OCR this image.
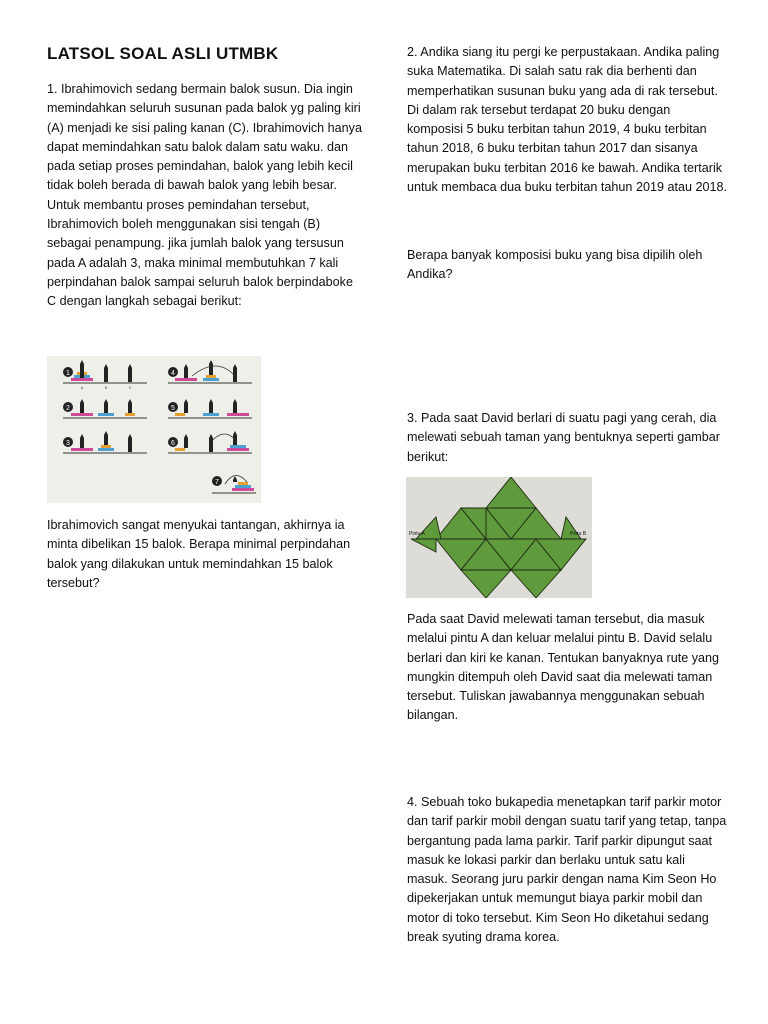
LATSOL SOAL ASLI UTMBK

1. Ibrahimovich sedang bermain balok susun. Dia ingin memindahkan seluruh susunan pada balok yg paling kiri (A) menjadi ke sisi paling kanan (C). Ibrahimovich hanya dapat memindahkan satu balok dalam satu waku. dan pada setiap proses pemindahan, balok yang lebih kecil tidak boleh berada di bawah balok yang lebih besar. Untuk membantu proses pemindahan tersebut, Ibrahimovich boleh menggunakan sisi tengah (B) sebagai penampung. jika jumlah balok yang tersusun pada A adalah 3, maka minimal membutuhkan 7 kali perpindahan balok sampai seluruh balok berpindaboke C dengan langkah sebagai berikut:

1
A	B	C
4
2	5
3	6
7

Ibrahimovich sangat menyukai tantangan, akhirnya ia minta dibelikan 15 balok. Berapa minimal perpindahan balok yang dilakukan untuk memindahkan 15 balok tersebut?

2. Andika siang itu pergi ke perpustakaan. Andika paling suka Matematika. Di salah satu rak dia berhenti dan memperhatikan susunan buku yang ada di rak tersebut. Di dalam rak tersebut terdapat 20 buku dengan komposisi 5 buku terbitan tahun 2019, 4 buku terbitan tahun 2018, 6 buku terbitan tahun 2017 dan sisanya merupakan buku terbitan 2016 ke bawah. Andika tertarik untuk membaca dua buku terbitan tahun 2019 atau 2018.

Berapa banyak komposisi buku yang bisa dipilih oleh Andika?

3. Pada saat David berlari di suatu pagi yang cerah, dia melewati sebuah taman yang bentuknya seperti gambar berikut:

Pintu A	Pintu B

Pada saat David melewati taman tersebut, dia masuk melalui pintu A dan keluar melalui pintu B. David selalu berlari dan kiri ke kanan. Tentukan banyaknya rute yang mungkin ditempuh oleh David saat dia melewati taman tersebut. Tuliskan jawabannya menggunakan sebuah bilangan.

4. Sebuah toko bukapedia menetapkan tarif parkir motor dan tarif parkir mobil dengan suatu tarif yang tetap, tanpa bergantung pada lama parkir. Tarif parkir dipungut saat masuk ke lokasi parkir dan berlaku untuk satu kali masuk. Seorang juru parkir dengan nama Kim Seon Ho dipekerjakan untuk memungut biaya parkir mobil dan motor di toko tersebut. Kim Seon Ho diketahui sedang break syuting drama korea.
